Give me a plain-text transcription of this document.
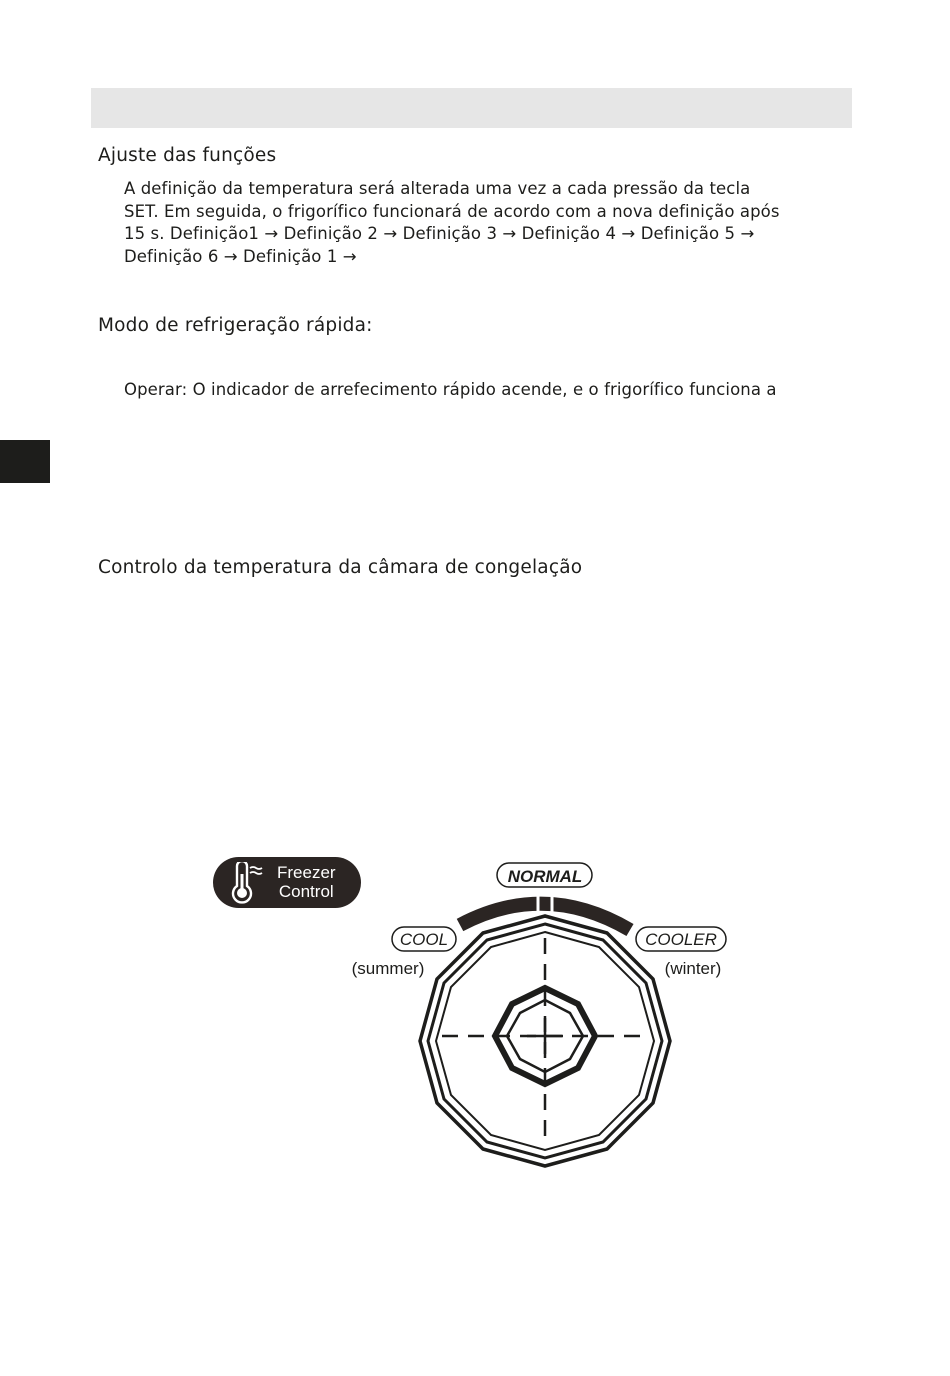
Ajuste das funções

A definição da temperatura será alterada uma vez a cada pressão da tecla
SET. Em seguida, o frigorífico funcionará de acordo com a nova definição após
15 s. Definição1 → Definição 2 → Definição 3 → Definição 4 → Definição 5 →
Definição 6 → Definição 1 →

Modo de refrigeração rápida:

Operar: O indicador de arrefecimento rápido acende, e o frigorífico funciona a

Controlo da temperatura da câmara de congelação
Freezer
Control
NORMAL
COOL
(summer)
COOLER
(winter)
